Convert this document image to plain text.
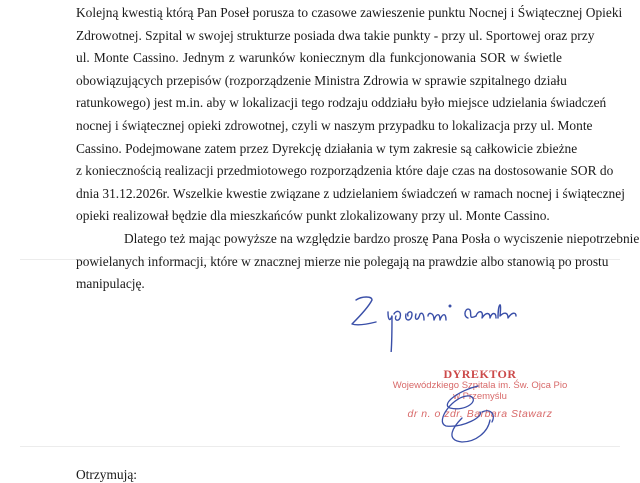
Kolejną kwestią którą Pan Poseł porusza to czasowe zawieszenie punktu Nocnej i Świątecznej Opieki
Zdrowotnej. Szpital w swojej strukturze posiada dwa takie punkty - przy ul. Sportowej oraz przy
ul. Monte Cassino. Jednym z warunków koniecznym dla funkcjonowania SOR w świetle
obowiązujących przepisów (rozporządzenie Ministra Zdrowia w sprawie szpitalnego działu
ratunkowego) jest m.in. aby w lokalizacji tego rodzaju oddziału było miejsce udzielania świadczeń
nocnej i świątecznej opieki zdrowotnej, czyli w naszym przypadku to lokalizacja przy ul. Monte
Cassino. Podejmowane zatem przez Dyrekcję działania w tym zakresie są całkowicie zbieżne
z koniecznością realizacji przedmiotowego rozporządzenia które daje czas na dostosowanie SOR do
dnia 31.12.2026r. Wszelkie kwestie związane z udzielaniem świadczeń w ramach nocnej i świątecznej
opieki realizował będzie dla mieszkańców punkt zlokalizowany przy ul. Monte Cassino.
Dlatego też mając powyższe na względzie bardzo proszę Pana Posła o wyciszenie niepotrzebnie
powielanych informacji, które w znacznej mierze nie polegają na prawdzie albo stanowią po prostu
manipulację.
DYREKTOR
Wojewódzkiego Szpitala im. Św. Ojca Pio
w Przemyślu
dr n. o zdr. Barbara Stawarz
Otrzymują:
